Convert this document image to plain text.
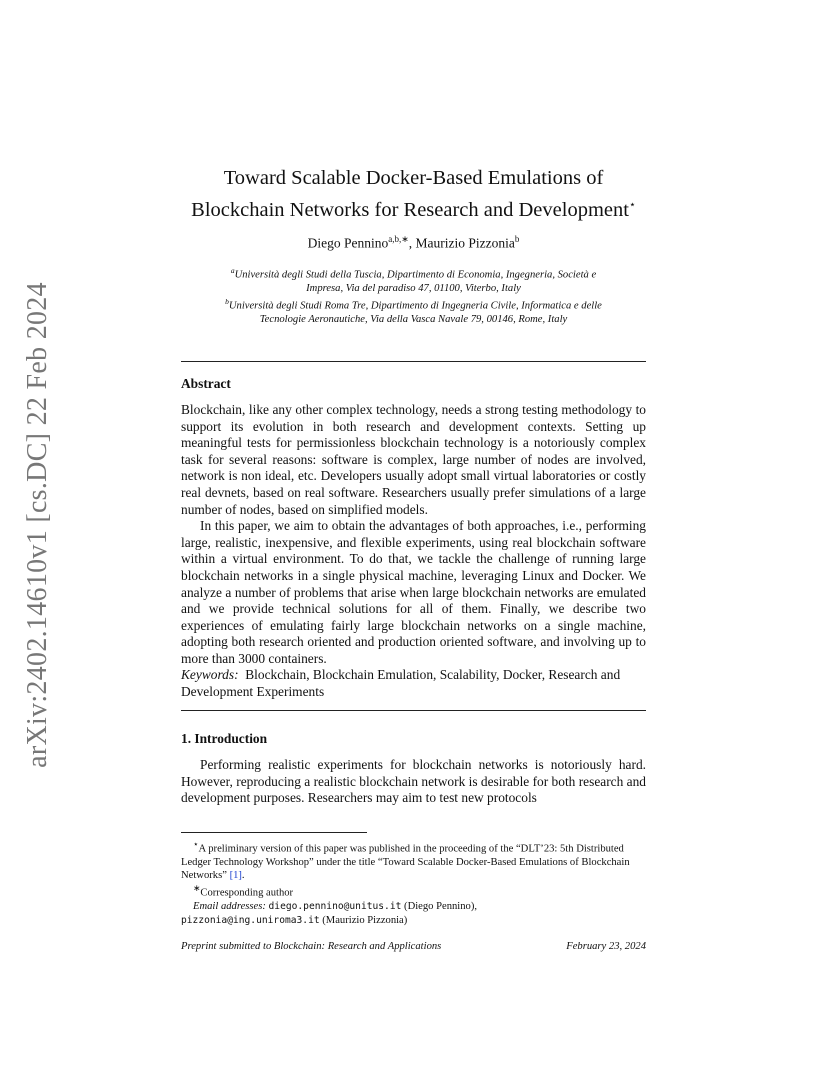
arXiv:2402.14610v1 [cs.DC] 22 Feb 2024
Toward Scalable Docker-Based Emulations of
Blockchain Networks for Research and Development⋆
Diego Pennino$^{a,b,∗}$, Maurizio Pizzonia$^b$
$^a$Università degli Studi della Tuscia, Dipartimento di Economia, Ingegneria, Società e
Impresa, Via del paradiso 47, 01100, Viterbo, Italy
$^b$Università degli Studi Roma Tre, Dipartimento di Ingegneria Civile, Informatica e delle
Tecnologie Aeronautiche, Via della Vasca Navale 79, 00146, Rome, Italy
Abstract

Blockchain, like any other complex technology, needs a strong testing methodology to support its evolution in both research and development contexts. Setting up meaningful tests for permissionless blockchain technology is a notoriously complex task for several reasons: software is complex, large number of nodes are involved, network is non ideal, etc. Developers usually adopt small virtual laboratories or costly real devnets, based on real software. Researchers usually prefer simulations of a large number of nodes, based on simplified models.

In this paper, we aim to obtain the advantages of both approaches, i.e., performing large, realistic, inexpensive, and flexible experiments, using real blockchain software within a virtual environment. To do that, we tackle the challenge of running large blockchain networks in a single physical machine, leveraging Linux and Docker. We analyze a number of problems that arise when large blockchain networks are emulated and we provide technical solutions for all of them. Finally, we describe two experiences of emulating fairly large blockchain networks on a single machine, adopting both research oriented and production oriented software, and involving up to more than 3000 containers.

Keywords: Blockchain, Blockchain Emulation, Scalability, Docker, Research and Development Experiments
1. Introduction

Performing realistic experiments for blockchain networks is notoriously hard. However, reproducing a realistic blockchain network is desirable for both research and development purposes. Researchers may aim to test new protocols

⋆A preliminary version of this paper was published in the proceeding of the “DLT’23: 5th Distributed Ledger Technology Workshop” under the title “Toward Scalable Docker-Based Emulations of Blockchain Networks” [1].

∗Corresponding author

Email addresses: diego.pennino@unitus.it (Diego Pennino),

pizzonia@ing.uniroma3.it (Maurizio Pizzonia)

Preprint submitted to Blockchain: Research and Applications	February 23, 2024
